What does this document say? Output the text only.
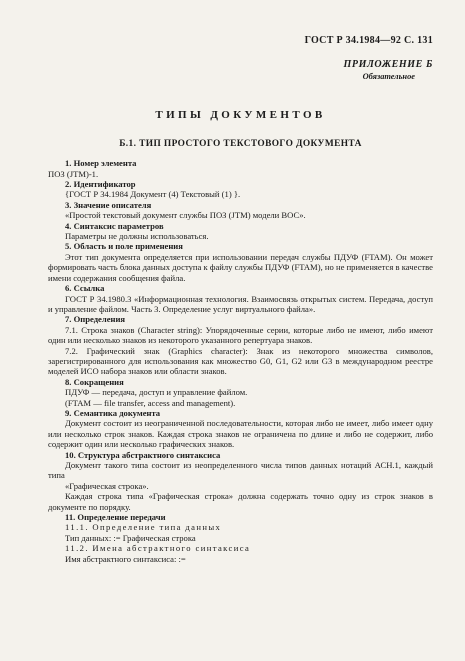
ГОСТ Р 34.1984—92 С. 131
ПРИЛОЖЕНИЕ Б
Обязательное
ТИПЫ ДОКУМЕНТОВ
Б.1. ТИП ПРОСТОГО ТЕКСТОВОГО ДОКУМЕНТА
1. Номер элемента
ПОЗ (JTM)-1.
2. Идентификатор
{ГОСТ Р 34.1984 Документ (4) Текстовый (1) }.
3. Значение описателя
«Простой текстовый документ службы ПОЗ (JTM) модели ВОС».
4. Синтаксис параметров
Параметры не должны использоваться.
5. Область и поле применения
Этот тип документа определяется при использовании передач службы ПДУФ (FTAM). Он может формировать часть блока данных доступа к файлу службы ПДУФ (FTAM), но не применяется в качестве имени содержания сообщения файла.
6. Ссылка
ГОСТ Р 34.1980.3 «Информационная технология. Взаимосвязь открытых систем. Передача, доступ и управление файлом. Часть 3. Определение услуг виртуального файла».
7. Определения
7.1. Строка знаков (Character string): Упорядоченные серии, которые либо не имеют, либо имеют один или несколько знаков из некоторого указанного репертуара знаков.
7.2. Графический знак (Graphics character): Знак из некоторого множества символов, зарегистрированного для использования как множество G0, G1, G2 или G3 в международном реестре моделей ИСО набора знаков или области знаков.
8. Сокращения
ПДУФ — передача, доступ и управление файлом.
(FTAM — file transfer, access and management).
9. Семантика документа
Документ состоит из неограниченной последовательности, которая либо не имеет, либо имеет одну или несколько строк знаков. Каждая строка знаков не ограничена по длине и либо не содержит, либо содержит один или несколько графических знаков.
10. Структура абстрактного синтаксиса
Документ такого типа состоит из неопределенного числа типов данных нотаций АСН.1, каждый типа
«Графическая строка».
Каждая строка типа «Графическая строка» должна содержать точно одну из строк знаков в документе по порядку.
11. Определение передачи
11.1. Определение типа данных
Тип данных: := Графическая строка
11.2. Имена абстрактного синтаксиса
Имя абстрактного синтаксиса: :=
